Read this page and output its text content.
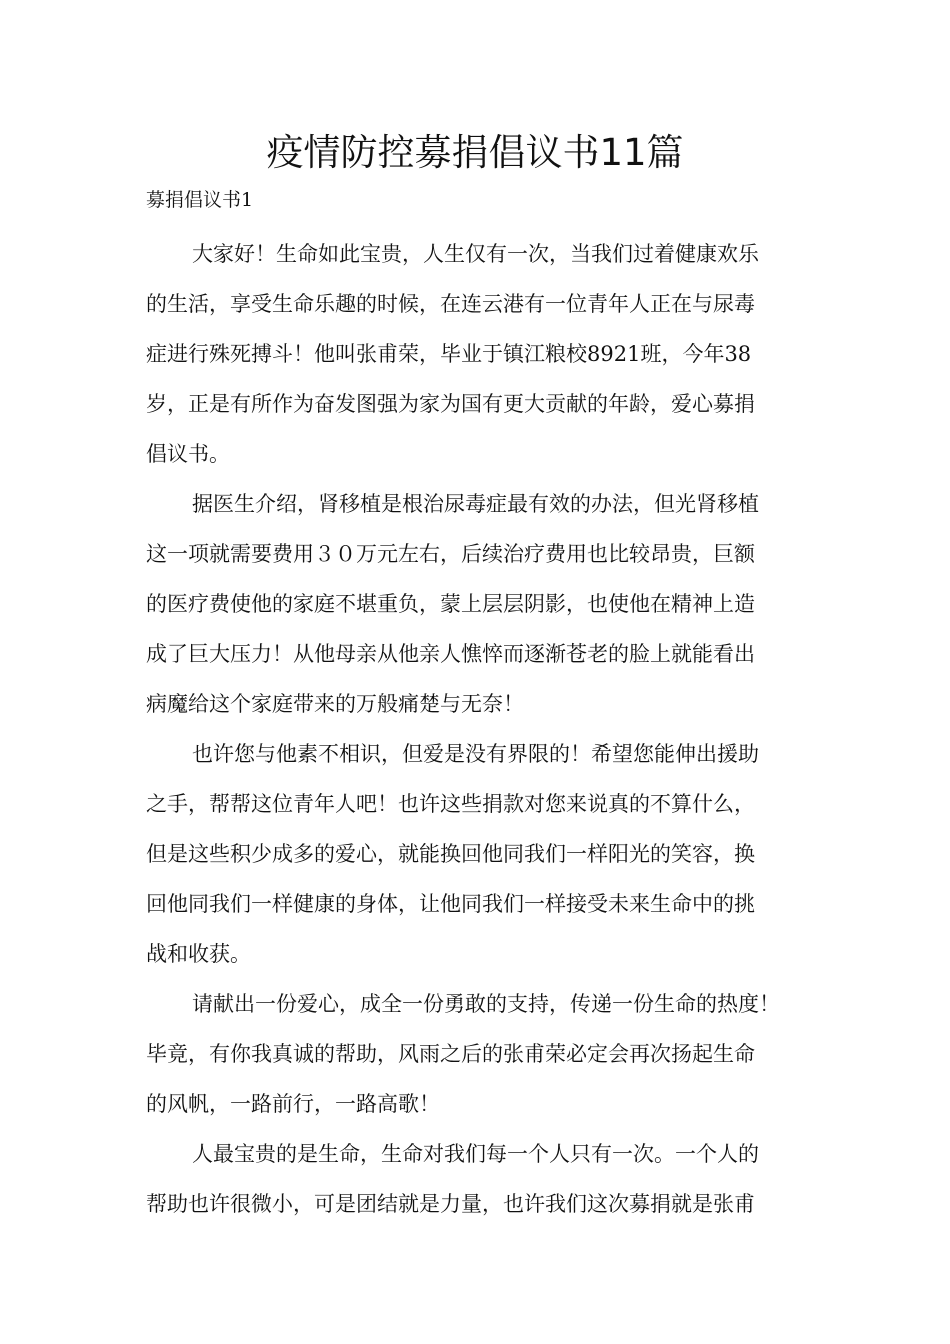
疫情防控募捐倡议书11篇
募捐倡议书1
大家好！生命如此宝贵，人生仅有一次，当我们过着健康欢乐
的生活，享受生命乐趣的时候，在连云港有一位青年人正在与尿毒
症进行殊死搏斗！他叫张甫荣，毕业于镇江粮校8921班，今年38
岁，正是有所作为奋发图强为家为国有更大贡献的年龄，爱心募捐
倡议书。
据医生介绍，肾移植是根治尿毒症最有效的办法，但光肾移植
这一项就需要费用３０万元左右，后续治疗费用也比较昂贵，巨额
的医疗费使他的家庭不堪重负，蒙上层层阴影，也使他在精神上造
成了巨大压力！从他母亲从他亲人憔悴而逐渐苍老的脸上就能看出
病魔给这个家庭带来的万般痛楚与无奈！
也许您与他素不相识，但爱是没有界限的！希望您能伸出援助
之手，帮帮这位青年人吧！也许这些捐款对您来说真的不算什么，
但是这些积少成多的爱心，就能换回他同我们一样阳光的笑容，换
回他同我们一样健康的身体，让他同我们一样接受未来生命中的挑
战和收获。
请献出一份爱心，成全一份勇敢的支持，传递一份生命的热度！
毕竟，有你我真诚的帮助，风雨之后的张甫荣必定会再次扬起生命
的风帆，一路前行，一路高歌！
人最宝贵的是生命，生命对我们每一个人只有一次。一个人的
帮助也许很微小，可是团结就是力量，也许我们这次募捐就是张甫
